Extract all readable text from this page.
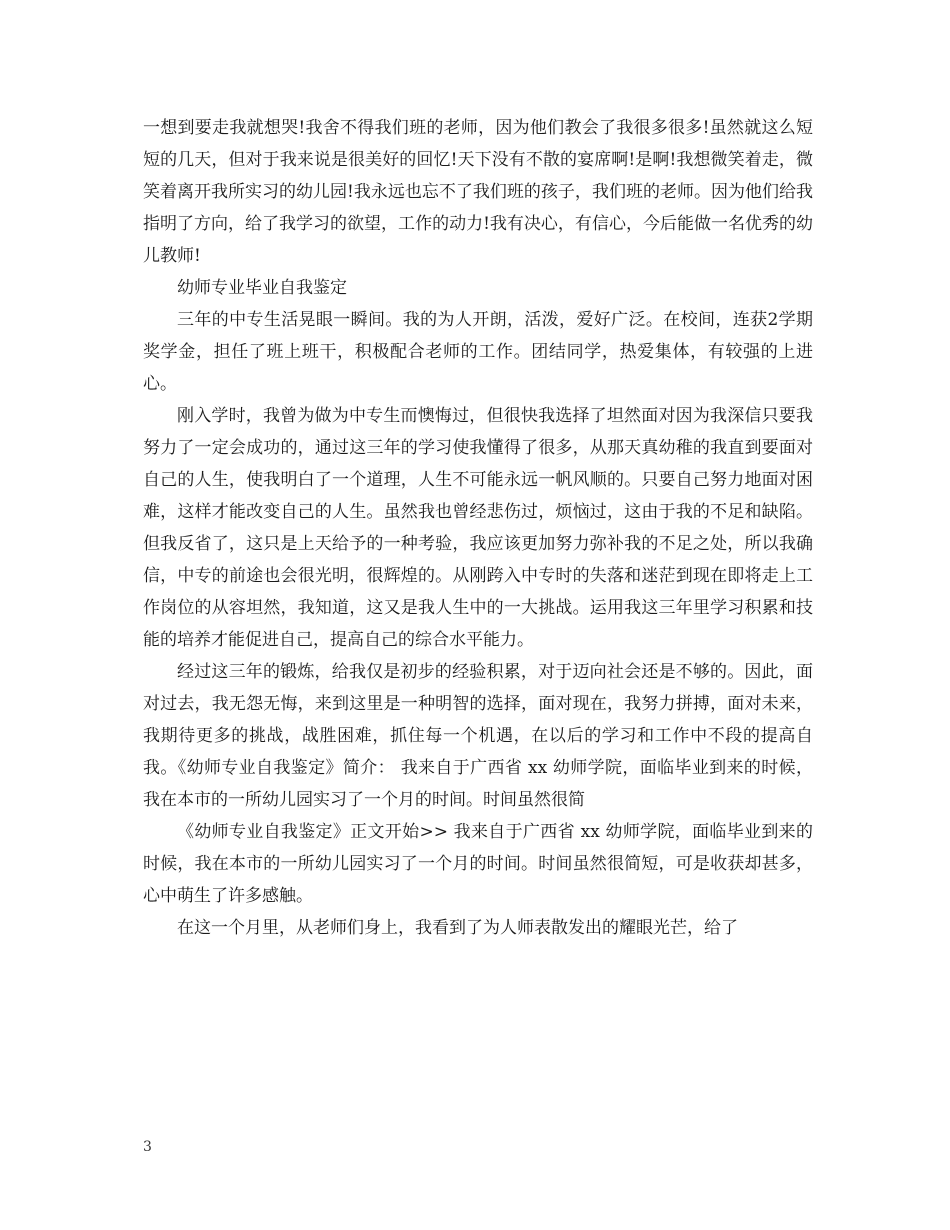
一想到要走我就想哭!我舍不得我们班的老师，因为他们教会了我很多很多!虽然就这么短短的几天，但对于我来说是很美好的回忆!天下没有不散的宴席啊!是啊!我想微笑着走，微笑着离开我所实习的幼儿园!我永远也忘不了我们班的孩子，我们班的老师。因为他们给我指明了方向，给了我学习的欲望，工作的动力!我有决心，有信心，今后能做一名优秀的幼儿教师!

幼师专业毕业自我鉴定

三年的中专生活晃眼一瞬间。我的为人开朗，活泼，爱好广泛。在校间，连获2学期奖学金，担任了班上班干，积极配合老师的工作。团结同学，热爱集体，有较强的上进心。

刚入学时，我曾为做为中专生而懊悔过，但很快我选择了坦然面对因为我深信只要我努力了一定会成功的，通过这三年的学习使我懂得了很多，从那天真幼稚的我直到要面对自己的人生，使我明白了一个道理，人生不可能永远一帆风顺的。只要自己努力地面对困难，这样才能改变自己的人生。虽然我也曾经悲伤过，烦恼过，这由于我的不足和缺陷。但我反省了，这只是上天给予的一种考验，我应该更加努力弥补我的不足之处，所以我确信，中专的前途也会很光明，很辉煌的。从刚跨入中专时的失落和迷茫到现在即将走上工作岗位的从容坦然，我知道，这又是我人生中的一大挑战。运用我这三年里学习积累和技能的培养才能促进自己，提高自己的综合水平能力。

经过这三年的锻炼，给我仅是初步的经验积累，对于迈向社会还是不够的。因此，面对过去，我无怨无悔，来到这里是一种明智的选择，面对现在，我努力拼搏，面对未来，我期待更多的挑战，战胜困难，抓住每一个机遇，在以后的学习和工作中不段的提高自我。《幼师专业自我鉴定》简介： 我来自于广西省 xx 幼师学院，面临毕业到来的时候，我在本市的一所幼儿园实习了一个月的时间。时间虽然很简

《幼师专业自我鉴定》正文开始>> 我来自于广西省 xx 幼师学院，面临毕业到来的时候，我在本市的一所幼儿园实习了一个月的时间。时间虽然很简短，可是收获却甚多，心中萌生了许多感触。

在这一个月里，从老师们身上，我看到了为人师表散发出的耀眼光芒，给了

3
